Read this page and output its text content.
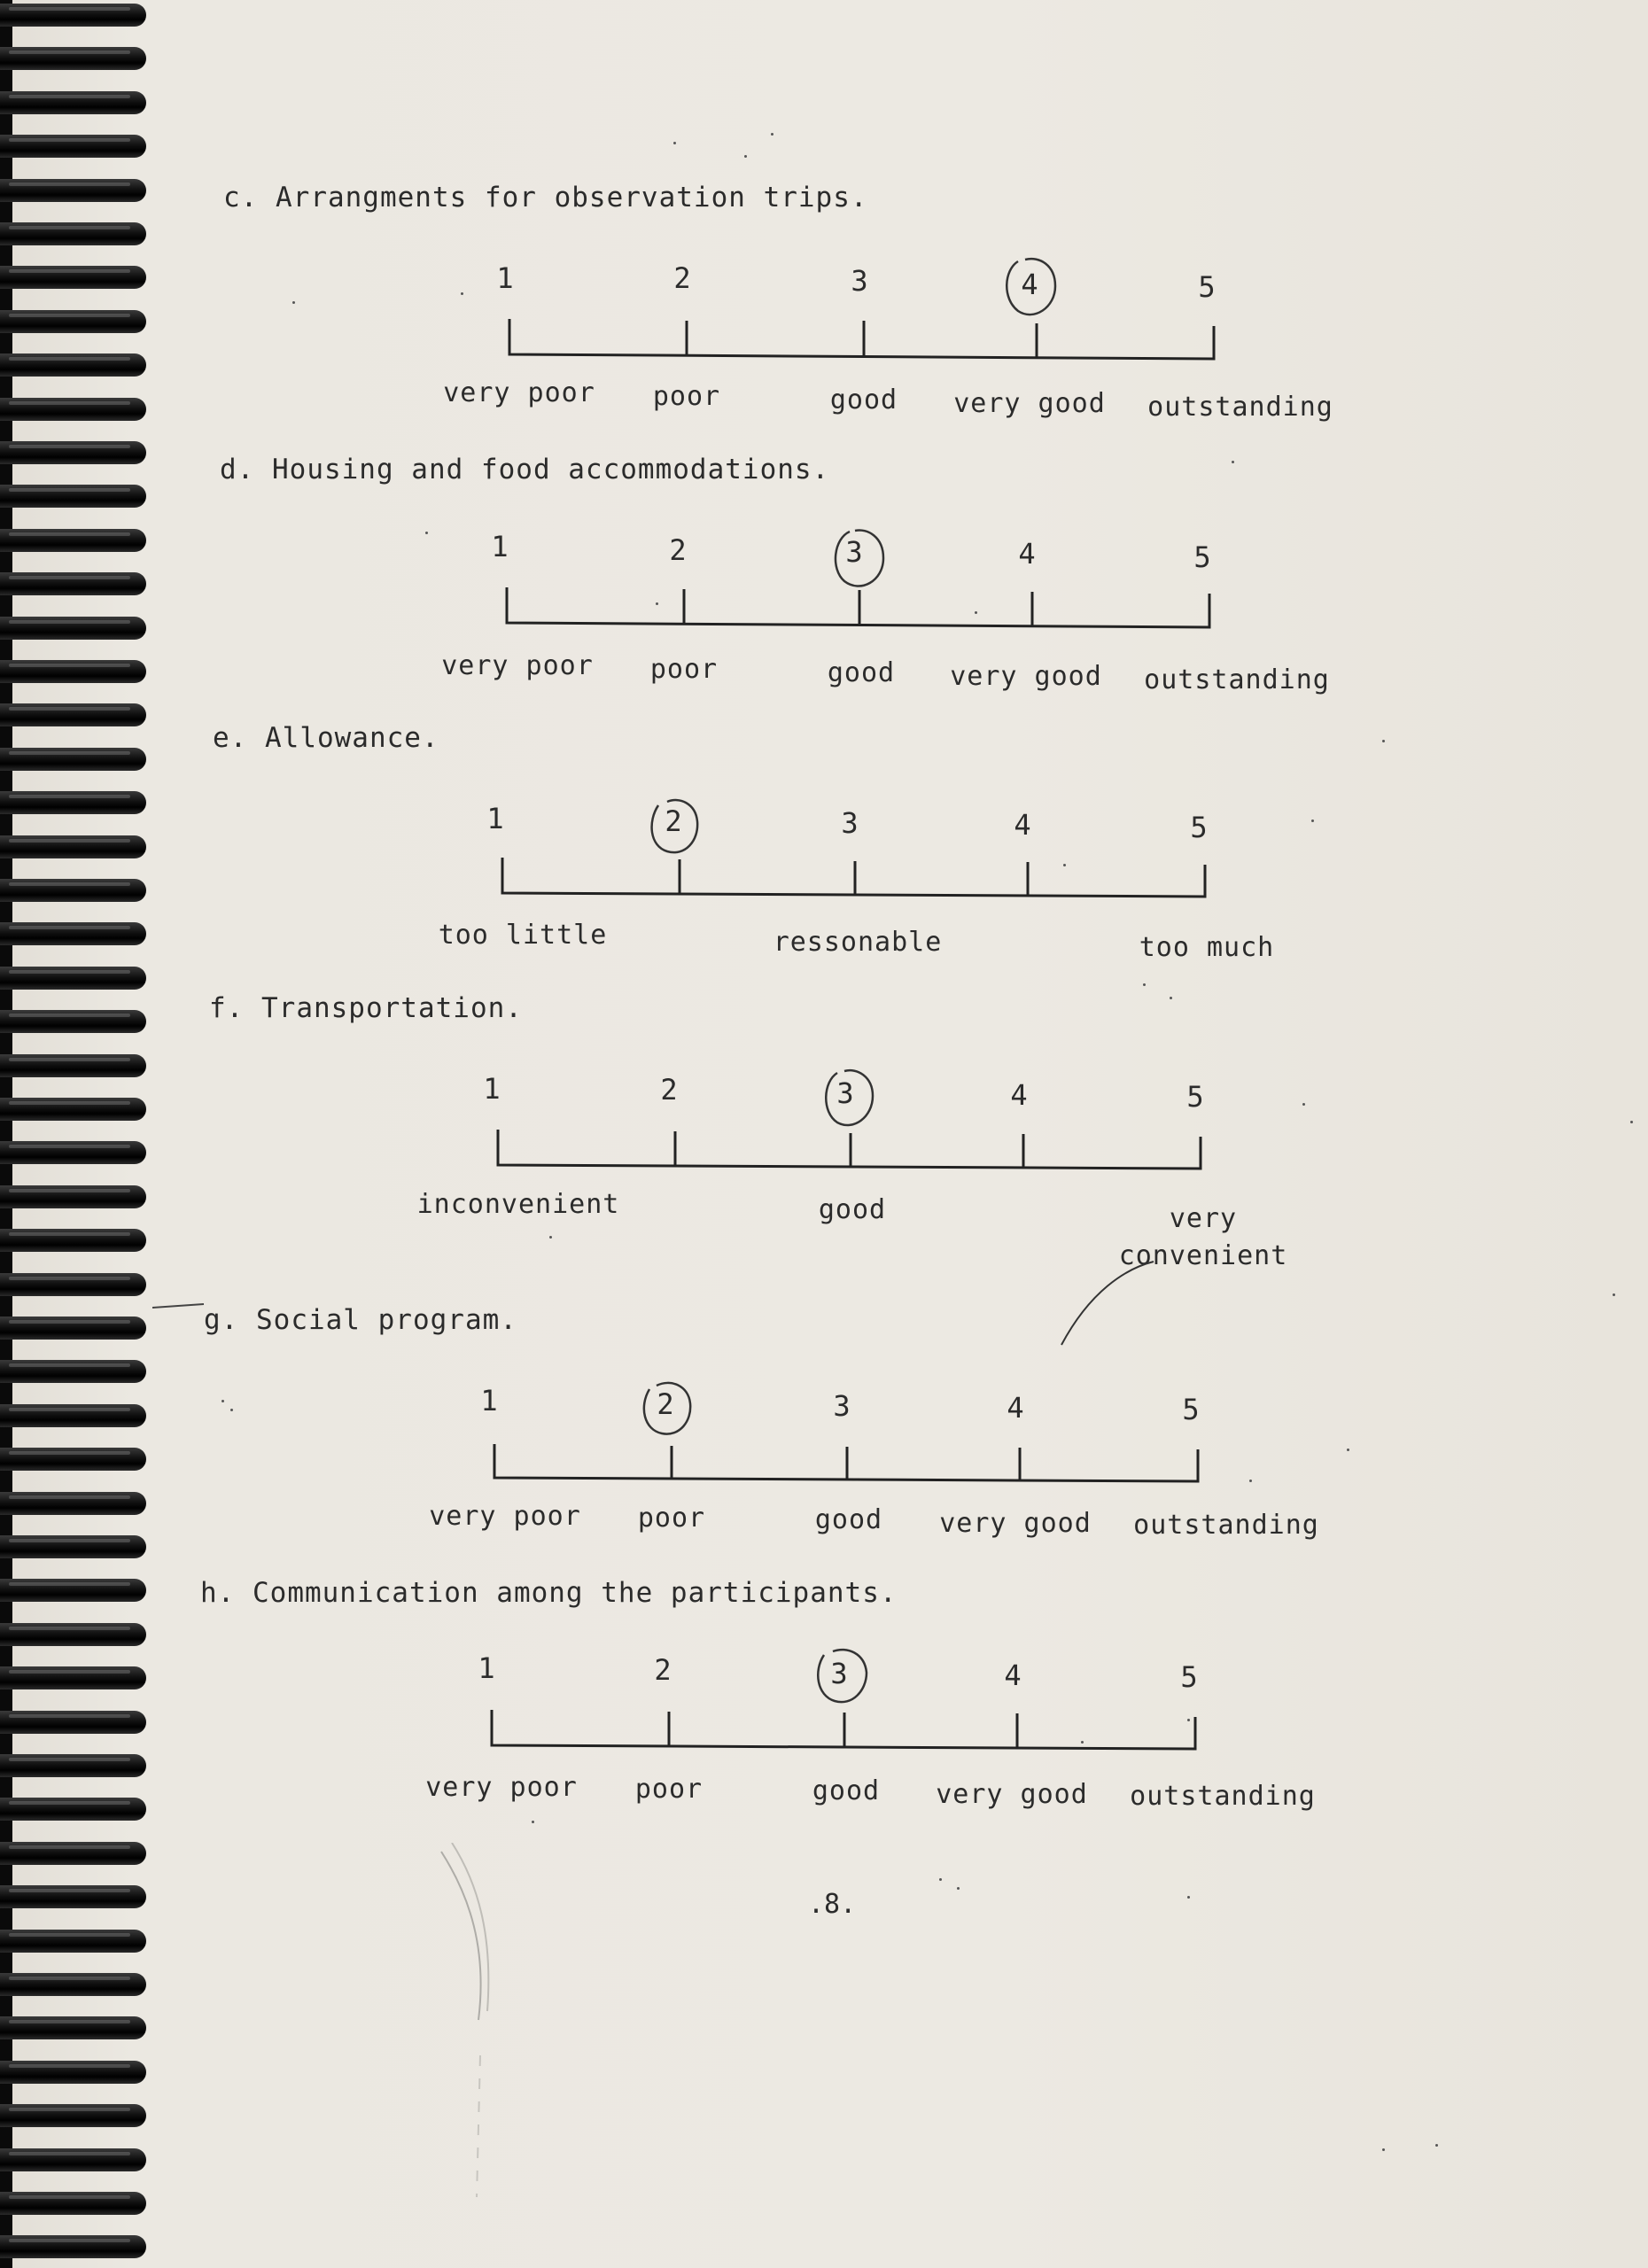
c. Arrangments for observation trips.
1	2	3	4	5
very poor poor	good very good outstanding
d. Housing and food accommodations.
1	2	3	4	5
very poor poor	good very good outstanding
e. Allowance.
1	2	3	4	5
too little	ressonable	too much
f. Transportation.
1	2	3	4	5
inconvenient	good	very
convenient
g. Social program.
1	2	3	4	5
very poor poor	good very good outstanding
h. Communication among the participants.
1	2	3	4	5
very poor poor	good very good outstanding
.8.
